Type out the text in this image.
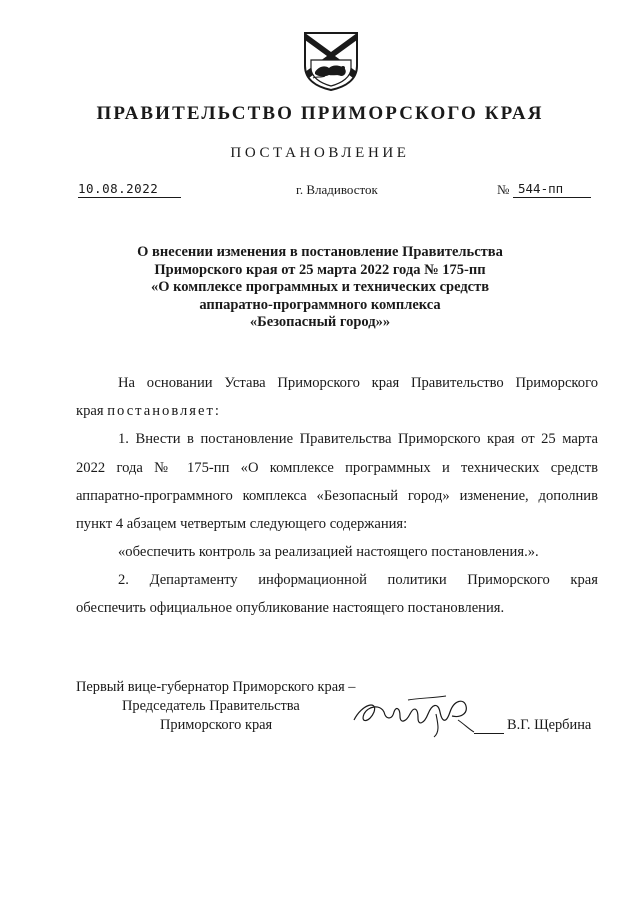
ПРАВИТЕЛЬСТВО ПРИМОРСКОГО КРАЯ
ПОСТАНОВЛЕНИЕ
10.08.2022	г. Владивосток	№ 544-пп
О внесении изменения в постановление Правительства
Приморского края от 25 марта 2022 года № 175-пп
«О комплексе программных и технических средств
аппаратно-программного комплекса
«Безопасный город»»
На основании Устава Приморского края Правительство Приморского
края постановляет:
1. Внести в постановление Правительства Приморского края от 25 марта
2022 года № 175-пп «О комплексе программных и технических средств
аппаратно-программного комплекса «Безопасный город» изменение, дополнив
пункт 4 абзацем четвертым следующего содержания:
«обеспечить контроль за реализацией настоящего постановления.».
2. Департаменту информационной политики Приморского края
обеспечить официальное опубликование настоящего постановления.
Первый вице-губернатор Приморского края –
Председатель Правительства
Приморского края	В.Г. Щербина
